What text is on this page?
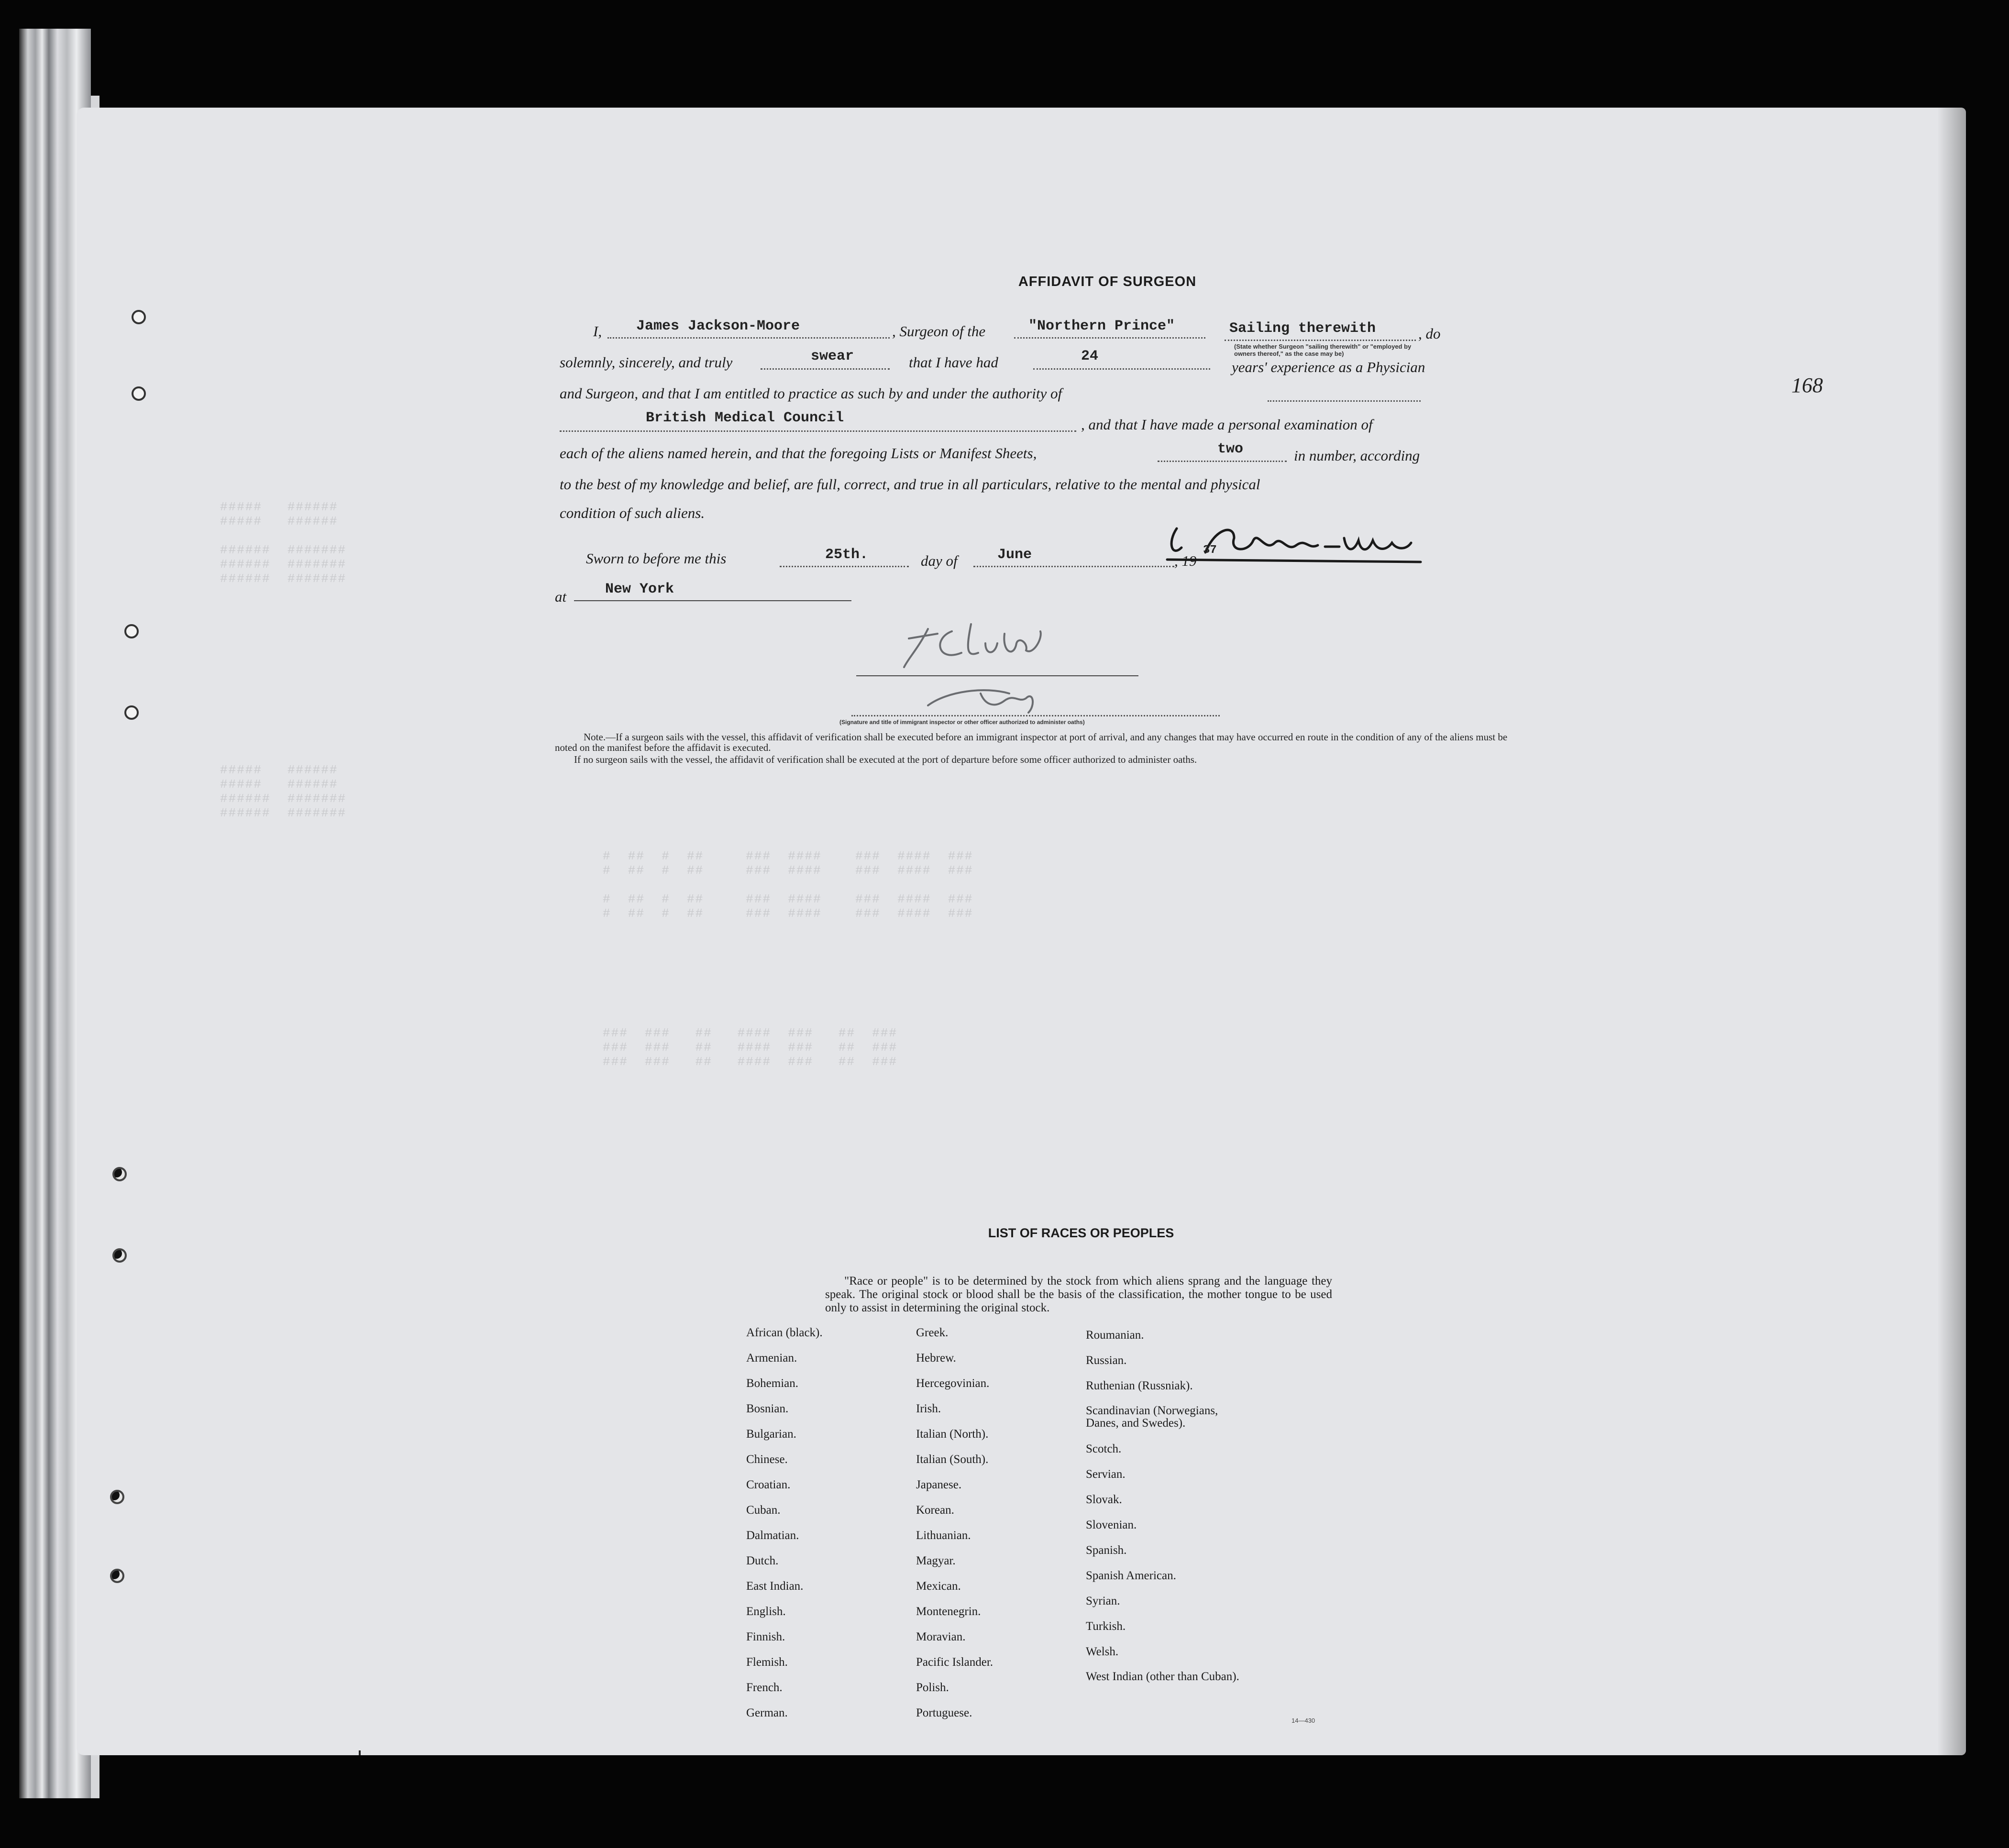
#####   ######
#####   ######

######  #######
######  #######
######  #######
#####   ######
#####   ######
######  #######
######  #######
#  ##  #  ##     ###  ####    ###  ####  ###
#  ##  #  ##     ###  ####    ###  ####  ###

#  ##  #  ##     ###  ####    ###  ####  ###
#  ##  #  ##     ###  ####    ###  ####  ###
###  ###   ##   ####  ###   ##  ###
###  ###   ##   ####  ###   ##  ###
###  ###   ##   ####  ###   ##  ###
AFFIDAVIT OF SURGEON
I, James Jackson-Moore	, Surgeon of the	"Northern Prince"	Sailing therewith	, do
(State whether Surgeon "sailing therewith" or "employed by owners thereof," as the case may be)
solemnly, sincerely, and truly	swear	that I have had	24
years' experience as a Physician
and Surgeon, and that I am entitled to practice as such by and under the authority of
British Medical Council	, and that I have made a personal examination of
each of the aliens named herein, and that the foregoing Lists or Manifest Sheets,	two	in number, according
to the best of my knowledge and belief, are full, correct, and true in all particulars, relative to the mental and physical
condition of such aliens.
Sworn to before me this	25th.	day of	June	, 19
37
at	New York
(Signature and title of immigrant inspector or other officer authorized to administer oaths)
Note.—If a surgeon sails with the vessel, this affidavit of verification shall be executed before an immigrant inspector at port of arrival, and any changes that may have occurred en route in the condition of any of the aliens must be noted on the manifest before the affidavit is executed.
If no surgeon sails with the vessel, the affidavit of verification shall be executed at the port of departure before some officer authorized to administer oaths.
168
LIST OF RACES OR PEOPLES
"Race or people" is to be determined by the stock from which aliens sprang and the language they speak. The original stock or blood shall be the basis of the classification, the mother tongue to be used only to assist in determining the original stock.
African (black).
Armenian.
Bohemian.
Bosnian.
Bulgarian.
Chinese.
Croatian.
Cuban.
Dalmatian.
Dutch.
East Indian.
English.
Finnish.
Flemish.
French.
German.
Greek.
Hebrew.
Hercegovinian.
Irish.
Italian (North).
Italian (South).
Japanese.
Korean.
Lithuanian.
Magyar.
Mexican.
Montenegrin.
Moravian.
Pacific Islander.
Polish.
Portuguese.
Roumanian.
Russian.
Ruthenian (Russniak).
Scandinavian (Norwegians, Danes, and Swedes).
Scotch.
Servian.
Slovak.
Slovenian.
Spanish.
Spanish American.
Syrian.
Turkish.
Welsh.
West Indian (other than Cuban).
14—430
